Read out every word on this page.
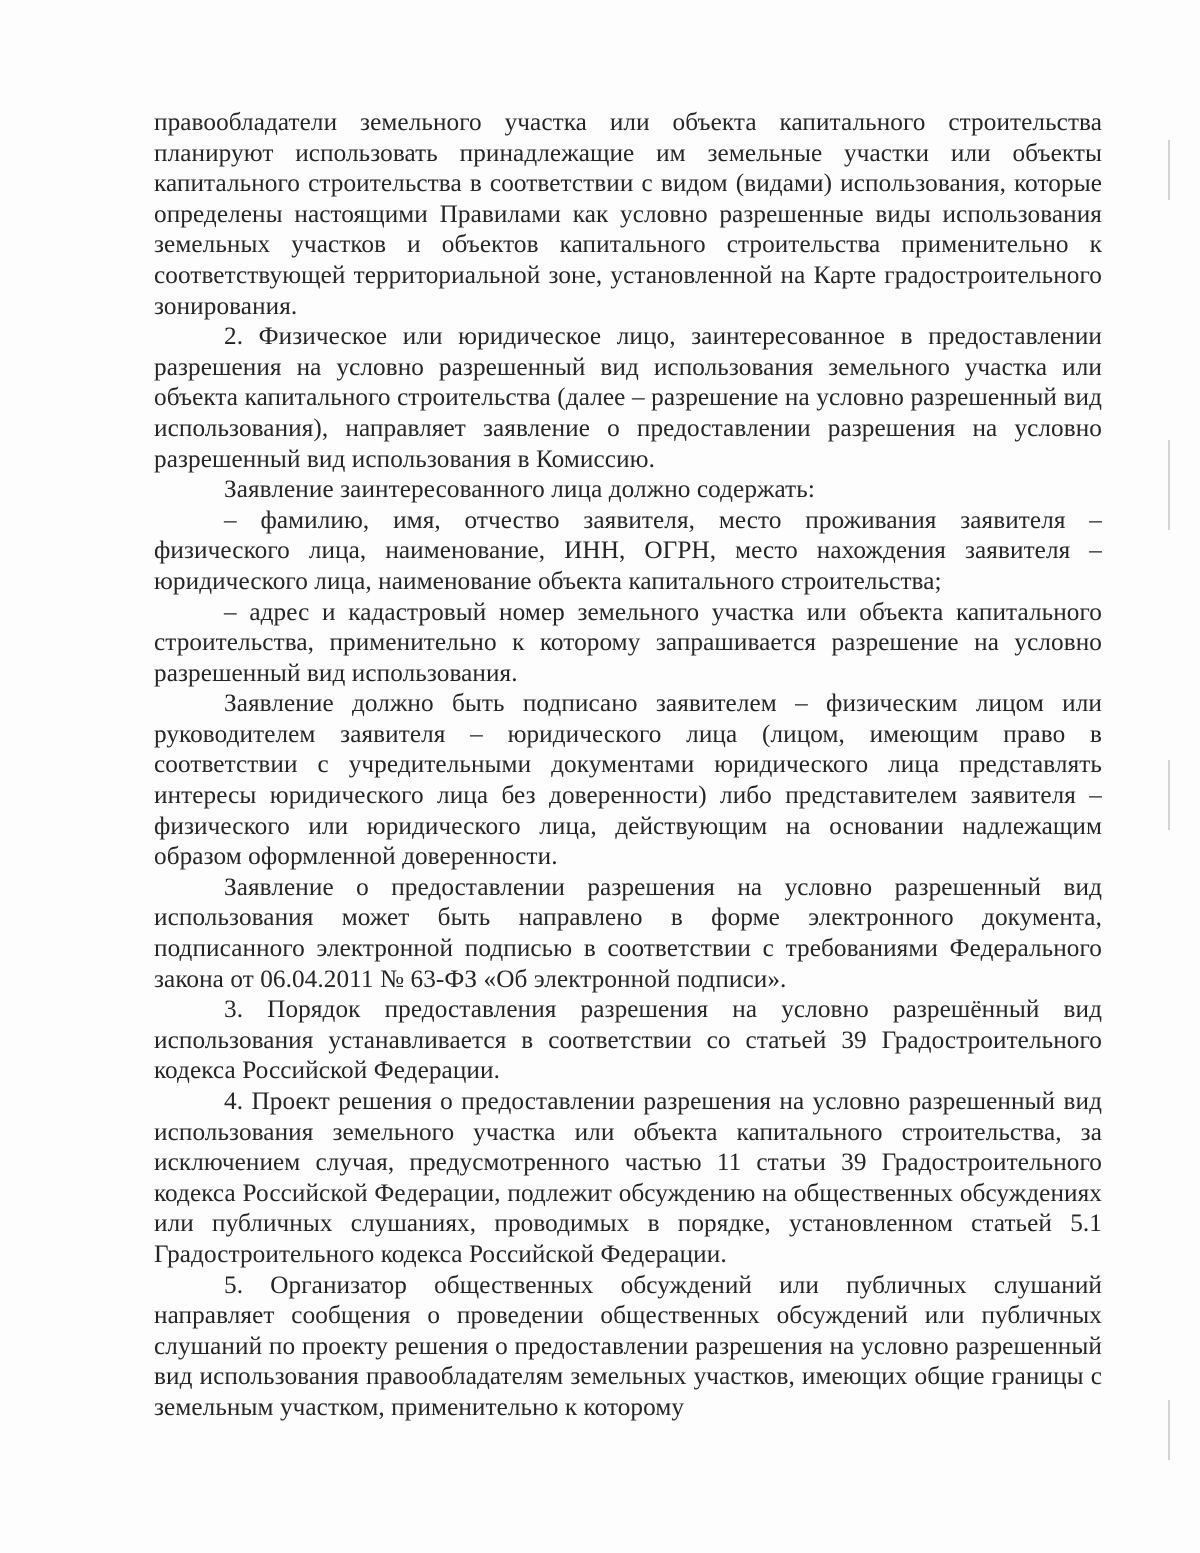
правообладатели земельного участка или объекта капитального строительства планируют использовать принадлежащие им земельные участки или объекты капитального строительства в соответствии с видом (видами) использования, которые определены настоящими Правилами как условно разрешенные виды использования земельных участков и объектов капитального строительства применительно к соответствующей территориальной зоне, установленной на Карте градостроительного зонирования.

2. Физическое или юридическое лицо, заинтересованное в предоставлении разрешения на условно разрешенный вид использования земельного участка или объекта капитального строительства (далее – разрешение на условно разрешенный вид использования), направляет заявление о предоставлении разрешения на условно разрешенный вид использования в Комиссию.

Заявление заинтересованного лица должно содержать:

– фамилию, имя, отчество заявителя, место проживания заявителя – физического лица, наименование, ИНН, ОГРН, место нахождения заявителя – юридического лица, наименование объекта капитального строительства;

– адрес и кадастровый номер земельного участка или объекта капитального строительства, применительно к которому запрашивается разрешение на условно разрешенный вид использования.

Заявление должно быть подписано заявителем – физическим лицом или руководителем заявителя – юридического лица (лицом, имеющим право в соответствии с учредительными документами юридического лица представлять интересы юридического лица без доверенности) либо представителем заявителя – физического или юридического лица, действующим на основании надлежащим образом оформленной доверенности.

Заявление о предоставлении разрешения на условно разрешенный вид использования может быть направлено в форме электронного документа, подписанного электронной подписью в соответствии с требованиями Федерального закона от 06.04.2011 № 63-ФЗ «Об электронной подписи».

3. Порядок предоставления разрешения на условно разрешённый вид использования устанавливается в соответствии со статьей 39 Градостроительного кодекса Российской Федерации.

4. Проект решения о предоставлении разрешения на условно разрешенный вид использования земельного участка или объекта капитального строительства, за исключением случая, предусмотренного частью 11 статьи 39 Градостроительного кодекса Российской Федерации, подлежит обсуждению на общественных обсуждениях или публичных слушаниях, проводимых в порядке, установленном статьей 5.1 Градостроительного кодекса Российской Федерации.

5. Организатор общественных обсуждений или публичных слушаний направляет сообщения о проведении общественных обсуждений или публичных слушаний по проекту решения о предоставлении разрешения на условно разрешенный вид использования правообладателям земельных участков, имеющих общие границы с земельным участком, применительно к которому
